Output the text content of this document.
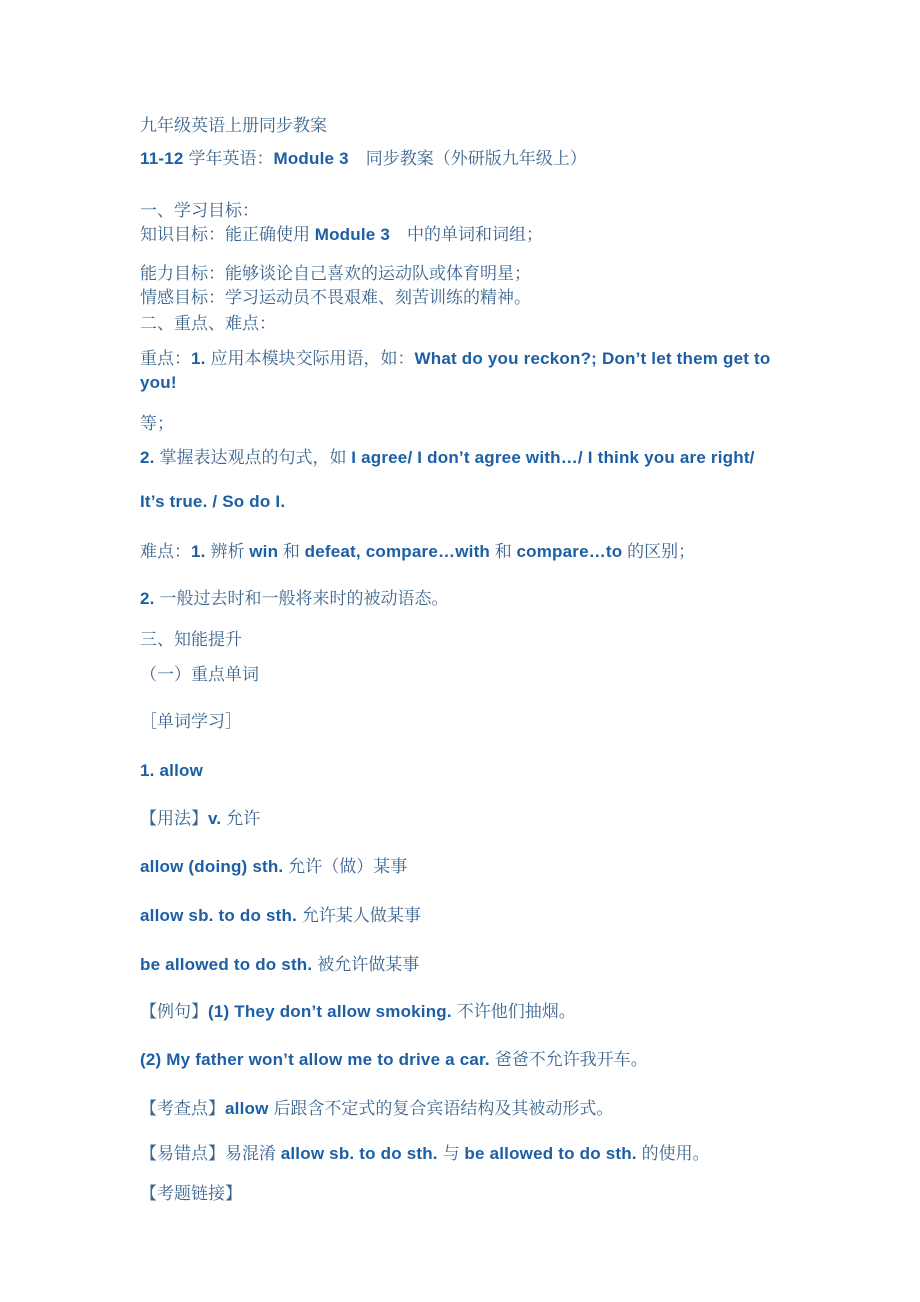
九年级英语上册同步教案

11-12 学年英语：Module 3　同步教案（外研版九年级上）

一、学习目标：

知识目标：能正确使用 Module 3　中的单词和词组；

能力目标：能够谈论自己喜欢的运动队或体育明星；

情感目标：学习运动员不畏艰难、刻苦训练的精神。

二、重点、难点：

重点：1. 应用本模块交际用语，如：What do you reckon?; Don’t let them get to you!

等；

2. 掌握表达观点的句式，如 I agree/ I don’t agree with…/ I think you are right/

It’s true. / So do I.

难点：1. 辨析 win 和 defeat, compare…with 和 compare…to 的区别；

2. 一般过去时和一般将来时的被动语态。

三、知能提升

（一）重点单词

［单词学习］

1. allow

【用法】v. 允许

allow (doing) sth. 允许（做）某事

allow sb. to do sth. 允许某人做某事

be allowed to do sth. 被允许做某事

【例句】(1) They don’t allow smoking. 不许他们抽烟。

(2) My father won’t allow me to drive a car. 爸爸不允许我开车。

【考查点】allow 后跟含不定式的复合宾语结构及其被动形式。

【易错点】易混淆 allow sb. to do sth. 与 be allowed to do sth. 的使用。

【考题链接】
